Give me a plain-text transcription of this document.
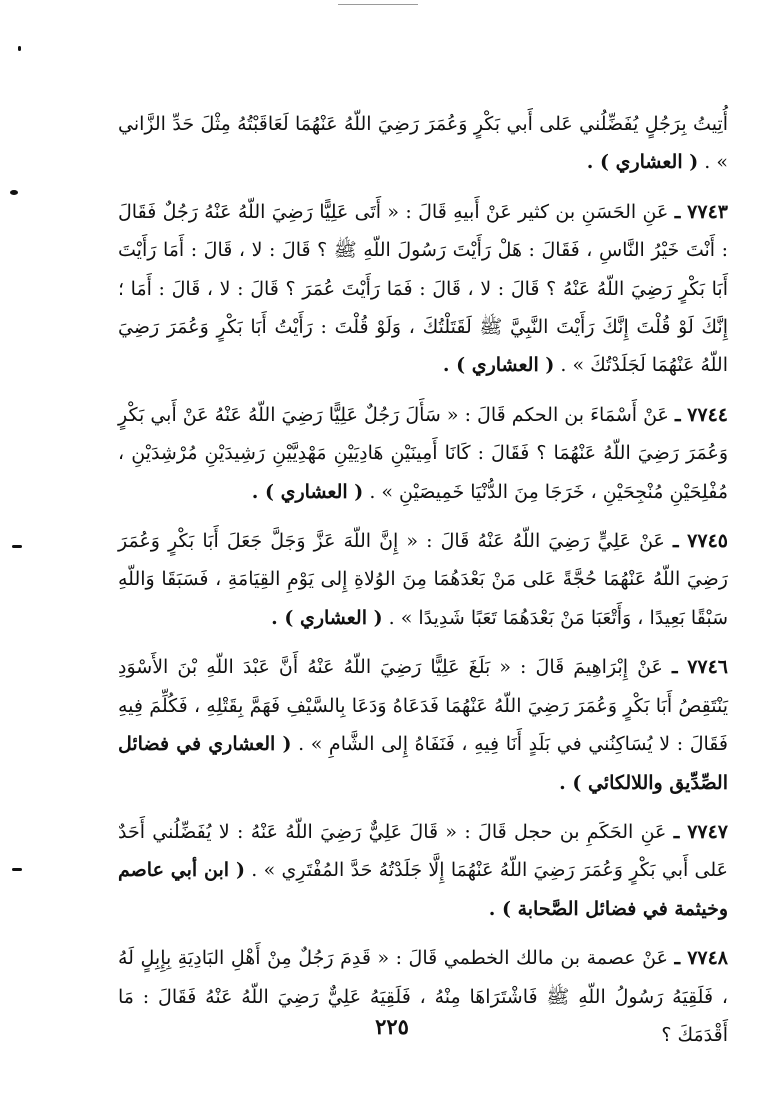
أُتِيتُ بِرَجُلٍ يُفَضِّلُني عَلى أَبي بَكْرٍ وَعُمَرَ رَضِيَ اللّهُ عَنْهُمَا لَعَاقَبْتُهُ مِثْلَ حَدِّ الزَّاني » . ( العشاري ) .

٧٧٤٣ ـ عَنِ الحَسَنِ بن كثير عَنْ أَبيهِ قَالَ : « أَتَى عَلِيًّا رَضِيَ اللّهُ عَنْهُ رَجُلٌ فَقَالَ : أَنْتَ خَيْرُ النَّاسِ ، فَقَالَ : هَلْ رَأَيْتَ رَسُولَ اللّهِ ﷺ ؟ قَالَ : لا ، قَالَ : أَمَا رَأَيْتَ أَبَا بَكْرٍ رَضِيَ اللّهُ عَنْهُ ؟ قَالَ : لا ، قَالَ : فَمَا رَأَيْتَ عُمَرَ ؟ قَالَ : لا ، قَالَ : أَمَا ؛ إِنَّكَ لَوْ قُلْتَ إِنَّكَ رَأَيْتَ النَّبِيَّ ﷺ لَقَتَلْتُكَ ، وَلَوْ قُلْتَ : رَأَيْتُ أَبَا بَكْرٍ وَعُمَرَ رَضِيَ اللّهُ عَنْهُمَا لَجَلَدْتُكَ » . ( العشاري ) .

٧٧٤٤ ـ عَنْ أَسْمَاءَ بن الحكم قَالَ : « سَأَلَ رَجُلٌ عَلِيًّا رَضِيَ اللّهُ عَنْهُ عَنْ أَبي بَكْرٍ وَعُمَرَ رَضِيَ اللّهُ عَنْهُمَا ؟ فَقَالَ : كَانَا أَمِينَيْنِ هَادِيَيْنِ مَهْدِيَّيْنِ رَشِيدَيْنِ مُرْشِدَيْنِ ، مُفْلِحَيْنِ مُنْجِحَيْنِ ، خَرَجَا مِنَ الدُّنْيَا خَمِيصَيْنِ » . ( العشاري ) .

٧٧٤٥ ـ عَنْ عَلِيٍّ رَضِيَ اللّهُ عَنْهُ قَالَ : « إِنَّ اللّهَ عَزَّ وَجَلَّ جَعَلَ أَبَا بَكْرٍ وَعُمَرَ رَضِيَ اللّهُ عَنْهُمَا حُجَّةً عَلى مَنْ بَعْدَهُمَا مِنَ الوُلاةِ إِلى يَوْمِ القِيَامَةِ ، فَسَبَقَا وَاللّهِ سَبْقًا بَعِيدًا ، وَأَتْعَبَا مَنْ بَعْدَهُمَا تَعَبًا شَدِيدًا » . ( العشاري ) .

٧٧٤٦ ـ عَنْ إِبْرَاهِيمَ قَالَ : « بَلَغَ عَلِيًّا رَضِيَ اللّهُ عَنْهُ أَنَّ عَبْدَ اللّهِ بْنَ الأَسْوَدِ يَنْتَقِصُ أَبَا بَكْرٍ وَعُمَرَ رَضِيَ اللّهُ عَنْهُمَا فَدَعَاهُ وَدَعَا بِالسَّيْفِ فَهَمَّ بِقَتْلِهِ ، فَكُلِّمَ فِيهِ فَقَالَ : لا يُسَاكِنُني في بَلَدٍ أَنَا فِيهِ ، فَنَفَاهُ إِلى الشَّامِ » . ( العشاري في فضائل الصِّدِّيق واللالكائي ) .

٧٧٤٧ ـ عَنِ الحَكَمِ بن حجل قَالَ : « قَالَ عَلِيٌّ رَضِيَ اللّهُ عَنْهُ : لا يُفَضِّلُني أَحَدٌ عَلى أَبي بَكْرٍ وَعُمَرَ رَضِيَ اللّهُ عَنْهُمَا إِلَّا جَلَدْتُهُ حَدَّ المُفْتَرِي » . ( ابن أبي عاصم وخيثمة في فضائل الصَّحابة ) .

٧٧٤٨ ـ عَنْ عصمة بن مالك الخطمي قَالَ : « قَدِمَ رَجُلٌ مِنْ أَهْلِ البَادِيَةِ بِإِبِلٍ لَهُ ، فَلَقِيَهُ رَسُولُ اللّهِ ﷺ فَاشْتَرَاهَا مِنْهُ ، فَلَقِيَهُ عَلِيٌّ رَضِيَ اللّهُ عَنْهُ فَقَالَ : مَا أَقْدَمَكَ ؟

٢٢٥
